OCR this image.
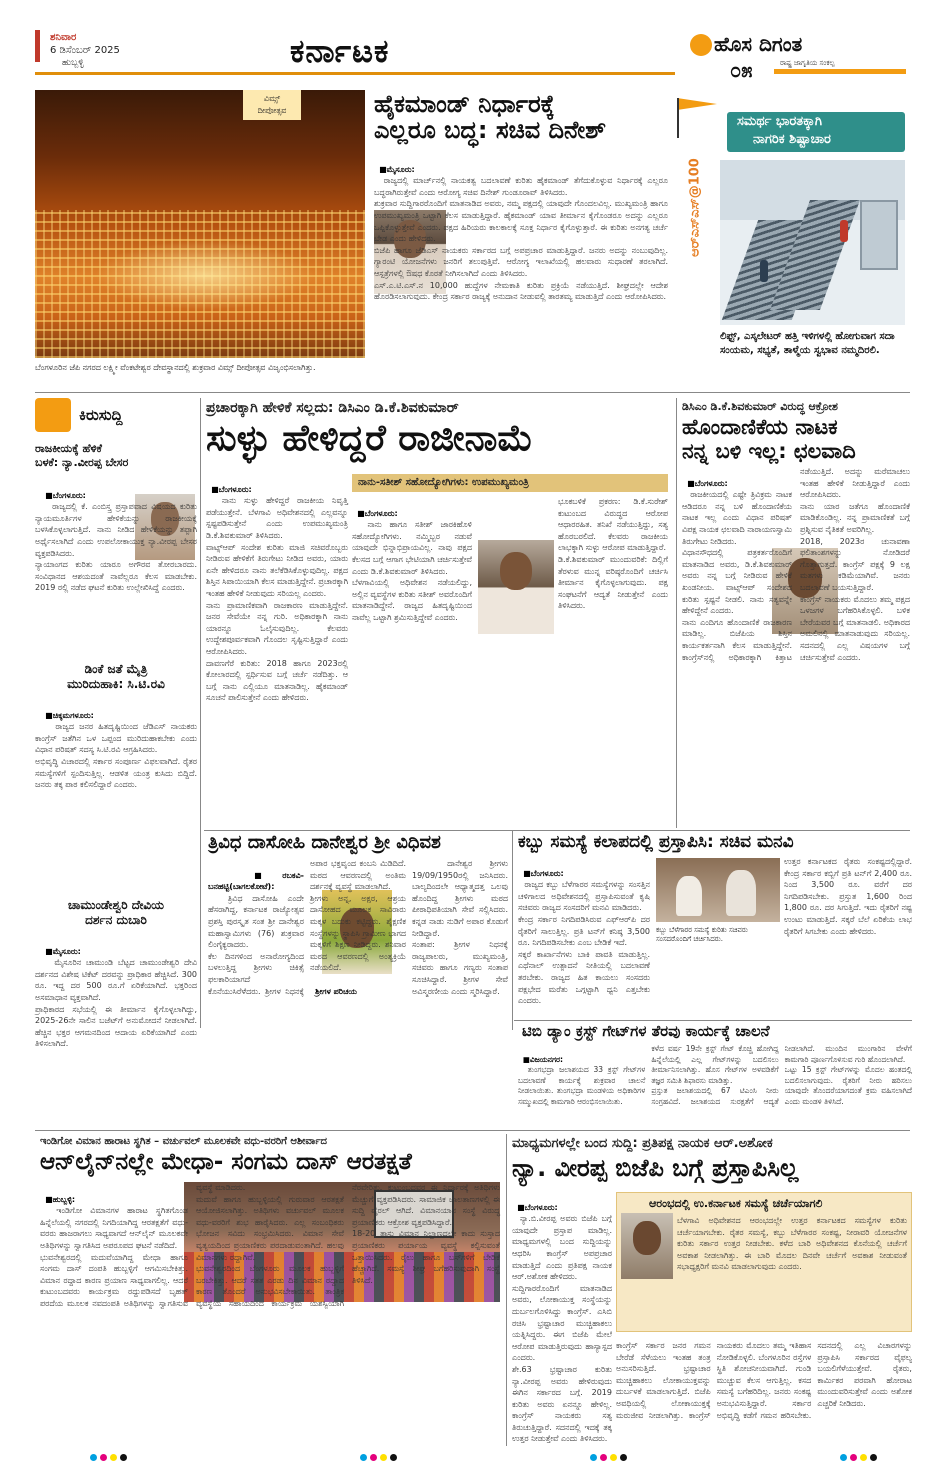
ಶನಿವಾರ
6 ಡಿಸೆಂಬರ್ 2025
ಹುಬ್ಬಳ್ಳಿ	ಕರ್ನಾಟಕ	ಹೊಸ ದಿಗಂತ
ರಾಷ್ಟ್ರ ಜಾಗೃತಿಯ ಸಂಕಲ್ಪ
೦೫
ವಿಮ್ಸ್
ದೀಪೋತ್ಸವ
ಬೆಂಗಳೂರಿನ ಜೆಪಿ ನಗರದ ಲಕ್ಷ್ಮೀ ವೆಂಕಟೇಶ್ವರ ದೇವಸ್ಥಾನದಲ್ಲಿ ಶುಕ್ರವಾರ ವಿಮ್ಸ್ ದೀಪೋತ್ಸವ ವಿಜೃಂಭಿಸಲಾಗಿತ್ತು.
ಹೈಕಮಾಂಡ್ ನಿರ್ಧಾರಕ್ಕೆ
ಎಲ್ಲರೂ ಬದ್ಧ: ಸಚಿವ ದಿನೇಶ್

■ಮೈಸೂರು:
ರಾಜ್ಯದಲ್ಲಿ ಮಾರ್ಚ್‌ನಲ್ಲಿ ನಾಯಕತ್ವ ಬದಲಾವಣೆ ಕುರಿತು ಹೈಕಮಾಂಡ್ ತೆಗೆದುಕೊಳ್ಳುವ ನಿರ್ಧಾರಕ್ಕೆ ಎಲ್ಲರೂ ಬದ್ಧರಾಗಿರುತ್ತೇವೆ ಎಂದು ಆರೋಗ್ಯ ಸಚಿವ ದಿನೇಶ್ ಗುಂಡೂರಾವ್ ತಿಳಿಸಿದರು.
ಶುಕ್ರವಾರ ಸುದ್ದಿಗಾರರೊಂದಿಗೆ ಮಾತನಾಡಿದ ಅವರು, ನಮ್ಮ ಪಕ್ಷದಲ್ಲಿ ಯಾವುದೇ ಗೊಂದಲವಿಲ್ಲ. ಮುಖ್ಯಮಂತ್ರಿ ಹಾಗೂ ಉಪಮುಖ್ಯಮಂತ್ರಿ ಒಟ್ಟಾಗಿ ಕೆಲಸ ಮಾಡುತ್ತಿದ್ದಾರೆ. ಹೈಕಮಾಂಡ್ ಯಾವ ತೀರ್ಮಾನ ಕೈಗೊಂಡರೂ ಅದನ್ನು ಎಲ್ಲರೂ ಒಪ್ಪಿಕೊಳ್ಳುತ್ತೇವೆ ಎಂದರು. ಪಕ್ಷದ ಹಿರಿಯರು ಕಾಲಕಾಲಕ್ಕೆ ಸೂಕ್ತ ನಿರ್ಧಾರ ಕೈಗೊಳ್ಳುತ್ತಾರೆ. ಈ ಕುರಿತು ಅನಗತ್ಯ ಚರ್ಚೆ ಬೇಡ ಎಂದು ಹೇಳಿದರು.
ಬಿಜೆಪಿ ಹಾಗೂ ಜೆಡಿಎಸ್ ನಾಯಕರು ಸರ್ಕಾರದ ಬಗ್ಗೆ ಅಪಪ್ರಚಾರ ಮಾಡುತ್ತಿದ್ದಾರೆ. ಜನರು ಅದನ್ನು ನಂಬುವುದಿಲ್ಲ. ಗ್ಯಾರಂಟಿ ಯೋಜನೆಗಳು ಜನರಿಗೆ ತಲುಪುತ್ತಿವೆ. ಆರೋಗ್ಯ ಇಲಾಖೆಯಲ್ಲಿ ಹಲವಾರು ಸುಧಾರಣೆ ತರಲಾಗಿದೆ. ಆಸ್ಪತ್ರೆಗಳಲ್ಲಿ ಔಷಧ ಕೊರತೆ ನೀಗಿಸಲಾಗಿದೆ ಎಂದು ತಿಳಿಸಿದರು.
ಎಸ್.ಎ.ಟಿ.ಎಸ್.ನ 10,000 ಹುದ್ದೆಗಳ ನೇಮಕಾತಿ ಕುರಿತು ಪ್ರಕ್ರಿಯೆ ನಡೆಯುತ್ತಿದೆ. ಶೀಘ್ರದಲ್ಲೇ ಆದೇಶ ಹೊರಡಿಸಲಾಗುವುದು. ಕೇಂದ್ರ ಸರ್ಕಾರ ರಾಜ್ಯಕ್ಕೆ ಅನುದಾನ ನೀಡುವಲ್ಲಿ ತಾರತಮ್ಯ ಮಾಡುತ್ತಿದೆ ಎಂದು ಆರೋಪಿಸಿದರು.

ಸಮರ್ಥ ಭಾರತಕ್ಕಾಗಿ
ನಾಗರಿಕ ಶಿಷ್ಟಾಚಾರ
ಆರ್‌ಎಸ್‌ಎಸ್@100
ಲಿಫ್ಟ್, ಎಸ್ಕಲೇಟರ್ ಹತ್ತಿ ಇಳಿಗಳಲ್ಲಿ ಹೋಗುವಾಗ ಸದಾ ಸಂಯಮ, ಸಭ್ಯತೆ, ತಾಳ್ಮೆಯ ಸ್ವಭಾವ ನಮ್ಮದಿರಲಿ.
ಕಿರುಸುದ್ದಿ
ರಾಜಕೀಯಕ್ಕೆ ಹೆಳಿಕೆ
ಬಳಕೆ: ನ್ಯಾ.ವೀರಪ್ಪ ಬೇಸರ

■ಬೆಂಗಳೂರು:
ರಾಜ್ಯದಲ್ಲಿ ಕೆ. ಎಂಬಿಸ್ತ್ರ ಪ್ರಸ್ತಾಪವಾದ ವಿಷಯದ ಕುರಿತು ನ್ಯಾಯಮೂರ್ತಿಗಳ ಹೇಳಿಕೆಯನ್ನು ರಾಜಕೀಯಕ್ಕೆ ಬಳಸಿಕೊಳ್ಳಲಾಗುತ್ತಿದೆ. ನಾನು ನೀಡಿದ ಹೇಳಿಕೆಯನ್ನು ತಪ್ಪಾಗಿ ಅರ್ಥೈಸಲಾಗಿದೆ ಎಂದು ಉಪಲೋಕಾಯುಕ್ತ ನ್ಯಾ.ವೀರಪ್ಪ ಬೇಸರ ವ್ಯಕ್ತಪಡಿಸಿದರು.
ನ್ಯಾಯಾಂಗದ ಕುರಿತು ಯಾರೂ ಅಗೌರವ ತೋರಬಾರದು. ಸಂವಿಧಾನದ ಆಶಯದಂತೆ ನಾವೆಲ್ಲರೂ ಕೆಲಸ ಮಾಡಬೇಕು. 2019 ರಲ್ಲಿ ನಡೆದ ಘಟನೆ ಕುರಿತು ಉಲ್ಲೇಖಿಸಿದ್ದೆ ಎಂದರು.

ಡಿಂಕೆ ಜತೆ ಮೈತ್ರಿ
ಮುರಿದುಹಾಕಿ: ಸಿ.ಟಿ.ರವಿ

■ಚಿಕ್ಕಮಗಳೂರು:
ರಾಜ್ಯದ ಜನರ ಹಿತದೃಷ್ಟಿಯಿಂದ ಜೆಡಿಎಸ್ ನಾಯಕರು ಕಾಂಗ್ರೆಸ್ ಜತೆಗಿನ ಒಳ ಒಪ್ಪಂದ ಮುರಿದುಹಾಕಬೇಕು ಎಂದು ವಿಧಾನ ಪರಿಷತ್ ಸದಸ್ಯ ಸಿ.ಟಿ.ರವಿ ಆಗ್ರಹಿಸಿದರು.
ಅಭಿವೃದ್ಧಿ ವಿಚಾರದಲ್ಲಿ ಸರ್ಕಾರ ಸಂಪೂರ್ಣ ವಿಫಲವಾಗಿದೆ. ರೈತರ ಸಮಸ್ಯೆಗಳಿಗೆ ಸ್ಪಂದಿಸುತ್ತಿಲ್ಲ. ಆಡಳಿತ ಯಂತ್ರ ಕುಸಿದು ಬಿದ್ದಿದೆ. ಜನರು ತಕ್ಕ ಪಾಠ ಕಲಿಸಲಿದ್ದಾರೆ ಎಂದರು.

ಚಾಮುಂಡೇಶ್ವರಿ ದೇವಿಯ
ದರ್ಶನ ದುಬಾರಿ

■ಮೈಸೂರು:
ಮೈಸೂರಿನ ಚಾಮುಂಡಿ ಬೆಟ್ಟದ ಚಾಮುಂಡೇಶ್ವರಿ ದೇವಿ ದರ್ಶನದ ವಿಶೇಷ ಟಿಕೆಟ್ ದರವನ್ನು ಪ್ರಾಧಿಕಾರ ಹೆಚ್ಚಿಸಿದೆ. 300 ರೂ. ಇದ್ದ ದರ 500 ರೂ.ಗೆ ಏರಿಕೆಯಾಗಿದೆ. ಭಕ್ತರಿಂದ ಅಸಮಾಧಾನ ವ್ಯಕ್ತವಾಗಿದೆ.
ಪ್ರಾಧಿಕಾರದ ಸಭೆಯಲ್ಲಿ ಈ ತೀರ್ಮಾನ ಕೈಗೊಳ್ಳಲಾಗಿದ್ದು, 2025-26ನೇ ಸಾಲಿನ ಬಜೆಟ್‌ಗೆ ಅನುಮೋದನೆ ನೀಡಲಾಗಿದೆ. ಹೆಚ್ಚಿನ ಭಕ್ತರ ಆಗಮನದಿಂದ ಆದಾಯ ಏರಿಕೆಯಾಗಿದೆ ಎಂದು ತಿಳಿಸಲಾಗಿದೆ.

ಪ್ರಚಾರಕ್ಕಾಗಿ ಹೇಳಿಕೆ ಸಲ್ಲದು: ಡಿಸಿಎಂ ಡಿ.ಕೆ.ಶಿವಕುಮಾರ್
ಸುಳ್ಳು ಹೇಳಿದ್ದರೆ ರಾಜೀನಾಮೆ

■ಬೆಂಗಳೂರು:
ನಾನು ಸುಳ್ಳು ಹೇಳಿದ್ದರೆ ರಾಜಕೀಯ ನಿವೃತ್ತಿ ಪಡೆಯುತ್ತೇನೆ. ಬೆಳಗಾವಿ ಅಧಿವೇಶನದಲ್ಲಿ ಎಲ್ಲವನ್ನೂ ಸ್ಪಷ್ಟಪಡಿಸುತ್ತೇನೆ ಎಂದು ಉಪಮುಖ್ಯಮಂತ್ರಿ ಡಿ.ಕೆ.ಶಿವಕುಮಾರ್ ತಿಳಿಸಿದರು.
ವಾಟ್ಸ್‌ಆಪ್ ಸಂದೇಶ ಕುರಿತು ಮಾಜಿ ಸಚಿವರೊಬ್ಬರು ನೀಡಿರುವ ಹೇಳಿಕೆಗೆ ತಿರುಗೇಟು ನೀಡಿದ ಅವರು, ಯಾರು ಏನೇ ಹೇಳಿದರೂ ನಾನು ತಲೆಕೆಡಿಸಿಕೊಳ್ಳುವುದಿಲ್ಲ. ಪಕ್ಷದ ಶಿಸ್ತಿನ ಸಿಪಾಯಿಯಾಗಿ ಕೆಲಸ ಮಾಡುತ್ತಿದ್ದೇನೆ. ಪ್ರಚಾರಕ್ಕಾಗಿ ಇಂತಹ ಹೇಳಿಕೆ ನೀಡುವುದು ಸರಿಯಲ್ಲ ಎಂದರು.
ನಾನು ಪ್ರಾಮಾಣಿಕವಾಗಿ ರಾಜಕಾರಣ ಮಾಡುತ್ತಿದ್ದೇನೆ. ಜನರ ಸೇವೆಯೇ ನನ್ನ ಗುರಿ. ಅಧಿಕಾರಕ್ಕಾಗಿ ನಾನು ಯಾರನ್ನೂ ಓಲೈಸುವುದಿಲ್ಲ. ಕೆಲವರು ಉದ್ದೇಶಪೂರ್ವಕವಾಗಿ ಗೊಂದಲ ಸೃಷ್ಟಿಸುತ್ತಿದ್ದಾರೆ ಎಂದು ಆರೋಪಿಸಿದರು.
ದಾವಣಗೆರೆ ಕುರಿತು: 2018 ಹಾಗೂ 2023ರಲ್ಲಿ ಕೋಲಾರದಲ್ಲಿ ಸ್ಪರ್ಧಿಸುವ ಬಗ್ಗೆ ಚರ್ಚೆ ನಡೆದಿತ್ತು. ಆ ಬಗ್ಗೆ ನಾನು ಎಲ್ಲಿಯೂ ಮಾತನಾಡಿಲ್ಲ. ಹೈಕಮಾಂಡ್ ಸೂಚನೆ ಪಾಲಿಸುತ್ತೇನೆ ಎಂದು ಹೇಳಿದರು.

ನಾನು-ಸತೀಶ್ ಸಹೋದ್ಯೋಗಿಗಳು: ಉಪಮುಖ್ಯಮಂತ್ರಿ

■ಬೆಂಗಳೂರು:
ನಾನು ಹಾಗೂ ಸತೀಶ್ ಜಾರಕಿಹೊಳಿ ಸಹೋದ್ಯೋಗಿಗಳು. ನಮ್ಮಿಬ್ಬರ ನಡುವೆ ಯಾವುದೇ ಭಿನ್ನಾಭಿಪ್ರಾಯವಿಲ್ಲ. ನಾವು ಪಕ್ಷದ ಕೆಲಸದ ಬಗ್ಗೆ ಆಗಾಗ ಭೇಟಿಯಾಗಿ ಚರ್ಚಿಸುತ್ತೇವೆ ಎಂದು ಡಿ.ಕೆ.ಶಿವಕುಮಾರ್ ತಿಳಿಸಿದರು.
ಬೆಳಗಾವಿಯಲ್ಲಿ ಅಧಿವೇಶನ ನಡೆಯಲಿದ್ದು, ಅಲ್ಲಿನ ವ್ಯವಸ್ಥೆಗಳ ಕುರಿತು ಸತೀಶ್ ಅವರೊಂದಿಗೆ ಮಾತನಾಡಿದ್ದೇನೆ. ರಾಜ್ಯದ ಹಿತದೃಷ್ಟಿಯಿಂದ ನಾವೆಲ್ಲ ಒಟ್ಟಾಗಿ ಶ್ರಮಿಸುತ್ತಿದ್ದೇವೆ ಎಂದರು.

ಭೂಕಬಳಿಕೆ ಪ್ರಕರಣ: ಡಿ.ಕೆ.ಸುರೇಶ್ ಕುಟುಂಬದ ವಿರುದ್ಧದ ಆರೋಪ ಆಧಾರರಹಿತ. ತನಿಖೆ ನಡೆಯುತ್ತಿದ್ದು, ಸತ್ಯ ಹೊರಬರಲಿದೆ. ಕೆಲವರು ರಾಜಕೀಯ ಲಾಭಕ್ಕಾಗಿ ಸುಳ್ಳು ಆರೋಪ ಮಾಡುತ್ತಿದ್ದಾರೆ.
ಡಿ.ಕೆ.ಶಿವಕುಮಾರ್ ಮುಂದುವರಿಕೆ: ದಿಲ್ಲಿಗೆ ತೆರಳುವ ಮುನ್ನ ವರಿಷ್ಠರೊಂದಿಗೆ ಚರ್ಚಿಸಿ ತೀರ್ಮಾನ ಕೈಗೊಳ್ಳಲಾಗುವುದು. ಪಕ್ಷ ಸಂಘಟನೆಗೆ ಆದ್ಯತೆ ನೀಡುತ್ತೇನೆ ಎಂದು ತಿಳಿಸಿದರು.
ಡಿಸಿಎಂ ಡಿ.ಕೆ.ಶಿವಕುಮಾರ್ ವಿರುದ್ಧ ಆಕ್ರೋಶ
ಹೊಂದಾಣಿಕೆಯ ನಾಟಕ
ನನ್ನ ಬಳಿ ಇಲ್ಲ: ಛಲವಾದಿ

■ಬೆಂಗಳೂರು:
ರಾಜಕೀಯದಲ್ಲಿ ಎಷ್ಟೇ ತ್ರಿವಿಕ್ರಮ ನಾಟಕ ಆಡಿದರೂ ನನ್ನ ಬಳಿ ಹೊಂದಾಣಿಕೆಯ ನಾಟಕ ಇಲ್ಲ ಎಂದು ವಿಧಾನ ಪರಿಷತ್ ವಿಪಕ್ಷ ನಾಯಕ ಛಲವಾದಿ ನಾರಾಯಣಸ್ವಾಮಿ ತಿರುಗೇಟು ನೀಡಿದರು.
ವಿಧಾನಸೌಧದಲ್ಲಿ ಪತ್ರಕರ್ತರೊಂದಿಗೆ ಮಾತನಾಡಿದ ಅವರು, ಡಿ.ಕೆ.ಶಿವಕುಮಾರ್ ಅವರು ನನ್ನ ಬಗ್ಗೆ ನೀಡಿರುವ ಹೇಳಿಕೆ ಖಂಡನೀಯ. ವಾಟ್ಸ್‌ಆಪ್ ಸಂದೇಶದ ಕುರಿತು ಸ್ಪಷ್ಟನೆ ನೀಡಲಿ. ನಾನು ಸತ್ಯವನ್ನೇ ಹೇಳಿದ್ದೇನೆ ಎಂದರು.
ನಾನು ಎಂದಿಗೂ ಹೊಂದಾಣಿಕೆ ರಾಜಕಾರಣ ಮಾಡಿಲ್ಲ. ಬಿಜೆಪಿಯ ಶಿಸ್ತಿನ ಕಾರ್ಯಕರ್ತನಾಗಿ ಕೆಲಸ ಮಾಡುತ್ತಿದ್ದೇನೆ. ಕಾಂಗ್ರೆಸ್‌ನಲ್ಲಿ ಅಧಿಕಾರಕ್ಕಾಗಿ ಕಿತ್ತಾಟ ನಡೆಯುತ್ತಿದೆ. ಅದನ್ನು ಮರೆಮಾಚಲು ಇಂತಹ ಹೇಳಿಕೆ ನೀಡುತ್ತಿದ್ದಾರೆ ಎಂದು ಆರೋಪಿಸಿದರು.
ನಾನು ಯಾರ ಜತೆಗೂ ಹೊಂದಾಣಿಕೆ ಮಾಡಿಕೊಂಡಿಲ್ಲ. ನನ್ನ ಪ್ರಾಮಾಣಿಕತೆ ಬಗ್ಗೆ ಪ್ರಶ್ನಿಸುವ ನೈತಿಕತೆ ಅವರಿಗಿಲ್ಲ.
2018, 2023ರ ಚುನಾವಣಾ ಫಲಿತಾಂಶಗಳನ್ನು ನೋಡಿದರೆ ಗೊತ್ತಾಗುತ್ತದೆ. ಕಾಂಗ್ರೆಸ್ ಪಕ್ಷಕ್ಕೆ 9 ಲಕ್ಷ ಮತಗಳು ಕಡಿಮೆಯಾಗಿವೆ. ಜನರು ಬದಲಾವಣೆ ಬಯಸುತ್ತಿದ್ದಾರೆ.
ಕಾಂಗ್ರೆಸ್ ನಾಯಕರು ಮೊದಲು ತಮ್ಮ ಪಕ್ಷದ ಒಳಜಗಳ ಬಗೆಹರಿಸಿಕೊಳ್ಳಲಿ. ಬಳಿಕ ಬೇರೆಯವರ ಬಗ್ಗೆ ಮಾತನಾಡಲಿ. ಅಧಿಕಾರದ ಅಮಲಿನಲ್ಲಿ ಮಾತನಾಡುವುದು ಸರಿಯಲ್ಲ. ಸದನದಲ್ಲಿ ಎಲ್ಲ ವಿಷಯಗಳ ಬಗ್ಗೆ ಚರ್ಚಿಸುತ್ತೇವೆ ಎಂದರು.

ತ್ರಿವಿಧ ದಾಸೋಹಿ ದಾನೇಶ್ವರ ಶ್ರೀ ವಿಧಿವಶ

■ರಬಕವಿ-ಬನಹಟ್ಟಿ(ಬಾಗಲಕೋಟೆ):
ತ್ರಿವಿಧ ದಾಸೋಹಿ ಎಂದೇ ಹೆಸರಾಗಿದ್ದ, ಕರ್ನಾಟಕ ರಾಜ್ಯೋತ್ಸವ ಪ್ರಶಸ್ತಿ ಪುರಸ್ಕೃತ ಸಂತ ಶ್ರೀ ದಾನೇಶ್ವರ ಮಹಾಸ್ವಾಮಿಗಳು (76) ಶುಕ್ರವಾರ ಲಿಂಗೈಕ್ಯರಾದರು.
ಕೆಲ ದಿನಗಳಿಂದ ಅನಾರೋಗ್ಯದಿಂದ ಬಳಲುತ್ತಿದ್ದ ಶ್ರೀಗಳು ಚಿಕಿತ್ಸೆ ಫಲಕಾರಿಯಾಗದೆ ಕೊನೆಯುಸಿರೆಳೆದರು. ಶ್ರೀಗಳ ನಿಧನಕ್ಕೆ ಅಪಾರ ಭಕ್ತವೃಂದ ಕಂಬನಿ ಮಿಡಿದಿದೆ. ಮಠದ ಆವರಣದಲ್ಲಿ ಅಂತಿಮ ದರ್ಶನಕ್ಕೆ ವ್ಯವಸ್ಥೆ ಮಾಡಲಾಗಿದೆ.
ಶ್ರೀಗಳು ಅನ್ನ, ಅಕ್ಷರ, ಆಶ್ರಯ ದಾಸೋಹದ ಮೂಲಕ ಸಾವಿರಾರು ಮಕ್ಕಳ ಬದುಕು ಕಟ್ಟಿದ್ದರು. ಶೈಕ್ಷಣಿಕ ಸಂಸ್ಥೆಗಳನ್ನು ಸ್ಥಾಪಿಸಿ ಗ್ರಾಮೀಣ ಭಾಗದ ಮಕ್ಕಳಿಗೆ ಶಿಕ್ಷಣ ನೀಡಿದ್ದರು. ಶನಿವಾರ ಮಠದ ಆವರಣದಲ್ಲಿ ಅಂತ್ಯಕ್ರಿಯೆ ನಡೆಯಲಿದೆ.

ಶ್ರೀಗಳ ಪರಿಚಯ
ದಾನೇಶ್ವರ ಶ್ರೀಗಳು 19/09/1950ರಲ್ಲಿ ಜನಿಸಿದರು. ಬಾಲ್ಯದಿಂದಲೇ ಆಧ್ಯಾತ್ಮದತ್ತ ಒಲವು ಹೊಂದಿದ್ದ ಶ್ರೀಗಳು ಮಠದ ಪೀಠಾಧಿಪತಿಯಾಗಿ ಸೇವೆ ಸಲ್ಲಿಸಿದರು. ಕನ್ನಡ ನಾಡು ನುಡಿಗೆ ಅಪಾರ ಕೊಡುಗೆ ನೀಡಿದ್ದಾರೆ.
ಸಂತಾಪ: ಶ್ರೀಗಳ ನಿಧನಕ್ಕೆ ರಾಜ್ಯಪಾಲರು, ಮುಖ್ಯಮಂತ್ರಿ, ಸಚಿವರು ಹಾಗೂ ಗಣ್ಯರು ಸಂತಾಪ ಸೂಚಿಸಿದ್ದಾರೆ. ಶ್ರೀಗಳ ಸೇವೆ ಅವಿಸ್ಮರಣೀಯ ಎಂದು ಸ್ಮರಿಸಿದ್ದಾರೆ.

ಕಬ್ಬು ಸಮಸ್ಯೆ ಕಲಾಪದಲ್ಲಿ ಪ್ರಸ್ತಾಪಿಸಿ: ಸಚಿವ ಮನವಿ

■ಬೆಂಗಳೂರು:
ರಾಜ್ಯದ ಕಬ್ಬು ಬೆಳೆಗಾರರ ಸಮಸ್ಯೆಗಳನ್ನು ಸಂಸತ್ತಿನ ಚಳಿಗಾಲದ ಅಧಿವೇಶನದಲ್ಲಿ ಪ್ರಸ್ತಾಪಿಸುವಂತೆ ಕೃಷಿ ಸಚಿವರು ರಾಜ್ಯದ ಸಂಸದರಿಗೆ ಮನವಿ ಮಾಡಿದರು.
ಕೇಂದ್ರ ಸರ್ಕಾರ ನಿಗದಿಪಡಿಸಿರುವ ಎಫ್‌ಆರ್‌ಪಿ ದರ ರೈತರಿಗೆ ಸಾಲುತ್ತಿಲ್ಲ. ಪ್ರತಿ ಟನ್‌ಗೆ ಕನಿಷ್ಠ 3,500 ರೂ. ನಿಗದಿಪಡಿಸಬೇಕು ಎಂಬ ಬೇಡಿಕೆ ಇದೆ.
ಸಕ್ಕರೆ ಕಾರ್ಖಾನೆಗಳು ಬಾಕಿ ಪಾವತಿ ಮಾಡುತ್ತಿಲ್ಲ. ಎಥೆನಾಲ್ ಉತ್ಪಾದನೆ ನೀತಿಯಲ್ಲಿ ಬದಲಾವಣೆ ತರಬೇಕು. ರಾಜ್ಯದ ಹಿತ ಕಾಯಲು ಸಂಸದರು ಪಕ್ಷಭೇದ ಮರೆತು ಒಗ್ಗಟ್ಟಾಗಿ ಧ್ವನಿ ಎತ್ತಬೇಕು ಎಂದರು.

ಕಬ್ಬು ಬೆಳೆಗಾರರ ಸಮಸ್ಯೆ ಕುರಿತು ಸಚಿವರು ಸಂಸದರೊಂದಿಗೆ ಚರ್ಚಿಸಿದರು.
ಉತ್ತರ ಕರ್ನಾಟಕದ ರೈತರು ಸಂಕಷ್ಟದಲ್ಲಿದ್ದಾರೆ. ಕೇಂದ್ರ ಸರ್ಕಾರ ಕಬ್ಬಿಗೆ ಪ್ರತಿ ಟನ್‌ಗೆ 2,400 ರೂ. ನಿಂದ 3,500 ರೂ. ವರೆಗೆ ದರ ನಿಗದಿಪಡಿಸಬೇಕು. ಪ್ರಸ್ತುತ 1,600 ರಿಂದ 1,800 ರೂ. ದರ ಸಿಗುತ್ತಿದೆ. ಇದು ರೈತರಿಗೆ ನಷ್ಟ ಉಂಟು ಮಾಡುತ್ತಿದೆ. ಸಕ್ಕರೆ ಬೆಲೆ ಏರಿಕೆಯ ಲಾಭ ರೈತರಿಗೆ ಸಿಗಬೇಕು ಎಂದು ಹೇಳಿದರು.
ಟಿಬಿ ಡ್ಯಾಂ ಕ್ರಸ್ಟ್ ಗೇಟ್‌ಗಳ ತೆರವು ಕಾರ್ಯಕ್ಕೆ ಚಾಲನೆ

■ವಿಜಯನಗರ:
ತುಂಗಭದ್ರಾ ಜಲಾಶಯದ 33 ಕ್ರಸ್ಟ್ ಗೇಟ್‌ಗಳ ಬದಲಾವಣೆ ಕಾರ್ಯಕ್ಕೆ ಶುಕ್ರವಾರ ಚಾಲನೆ ನೀಡಲಾಯಿತು. ತುಂಗಭದ್ರಾ ಮಂಡಳಿಯ ಅಧಿಕಾರಿಗಳ ಸಮ್ಮುಖದಲ್ಲಿ ಕಾಮಗಾರಿ ಆರಂಭಿಸಲಾಯಿತು.
ಕಳೆದ ವರ್ಷ 19ನೇ ಕ್ರಸ್ಟ್ ಗೇಟ್ ಕೊಚ್ಚಿ ಹೋಗಿದ್ದ ಹಿನ್ನೆಲೆಯಲ್ಲಿ ಎಲ್ಲ ಗೇಟ್‌ಗಳನ್ನು ಬದಲಿಸಲು ತೀರ್ಮಾನಿಸಲಾಗಿತ್ತು. ಹೊಸ ಗೇಟ್‌ಗಳ ಅಳವಡಿಕೆಗೆ ತಜ್ಞರ ಸಮಿತಿ ಶಿಫಾರಸು ಮಾಡಿತ್ತು.
ಪ್ರಸ್ತುತ ಜಲಾಶಯದಲ್ಲಿ 67 ಟಿಎಂಸಿ ನೀರು ಸಂಗ್ರಹವಿದೆ. ಜಲಾಶಯದ ಸುರಕ್ಷತೆಗೆ ಆದ್ಯತೆ ನೀಡಲಾಗಿದೆ. ಮುಂದಿನ ಮುಂಗಾರಿನ ವೇಳೆಗೆ ಕಾಮಗಾರಿ ಪೂರ್ಣಗೊಳಿಸುವ ಗುರಿ ಹೊಂದಲಾಗಿದೆ.
ಒಟ್ಟು 15 ಕ್ರಸ್ಟ್ ಗೇಟ್‌ಗಳನ್ನು ಮೊದಲ ಹಂತದಲ್ಲಿ ಬದಲಿಸಲಾಗುವುದು. ರೈತರಿಗೆ ನೀರು ಹರಿಸಲು ಯಾವುದೇ ತೊಂದರೆಯಾಗದಂತೆ ಕ್ರಮ ವಹಿಸಲಾಗಿದೆ ಎಂದು ಮಂಡಳಿ ತಿಳಿಸಿದೆ.

ಇಂಡಿಗೋ ವಿಮಾನ ಹಾರಾಟ ಸ್ಥಗಿತ – ವರ್ಚುವಲ್ ಮೂಲಕವೇ ವಧು-ವರರಿಗೆ ಆಶೀರ್ವಾದ
ಆನ್‌ಲೈನ್‌ನಲ್ಲೇ ಮೇಧಾ- ಸಂಗಮ ದಾಸ್ ಆರತಕ್ಷತೆ

■ಹುಬ್ಬಳ್ಳಿ:
ಇಂಡಿಗೋ ವಿಮಾನಗಳ ಹಾರಾಟ ಸ್ಥಗಿತಗೊಂಡ ಹಿನ್ನೆಲೆಯಲ್ಲಿ ನಗರದಲ್ಲಿ ನಿಗದಿಯಾಗಿದ್ದ ಆರತಕ್ಷತೆಗೆ ವಧು-ವರರು ಹಾಜರಾಗಲು ಸಾಧ್ಯವಾಗದೆ ಆನ್‌ಲೈನ್ ಮೂಲಕವೇ ಅತಿಥಿಗಳನ್ನು ಸ್ವಾಗತಿಸಿದ ಅಪರೂಪದ ಘಟನೆ ನಡೆದಿದೆ.
ಭುವನೇಶ್ವರದಲ್ಲಿ ಮದುವೆಯಾಗಿದ್ದ ಮೇಧಾ ಹಾಗೂ ಸಂಗಮ ದಾಸ್ ದಂಪತಿ ಹುಬ್ಬಳ್ಳಿಗೆ ಆಗಮಿಸಬೇಕಿತ್ತು. ವಿಮಾನ ರದ್ದಾದ ಕಾರಣ ಪ್ರಯಾಣ ಸಾಧ್ಯವಾಗಲಿಲ್ಲ. ಆದರೆ ಕುಟುಂಬದವರು ಕಾರ್ಯಕ್ರಮ ರದ್ದುಪಡಿಸದೆ ಬೃಹತ್ ಪರದೆಯ ಮೂಲಕ ನವದಂಪತಿ ಅತಿಥಿಗಳನ್ನು ಸ್ವಾಗತಿಸುವ ವ್ಯವಸ್ಥೆ ಮಾಡಿದರು.
ಮದುವೆ ಹಾಗೂ ಹುಬ್ಬಳ್ಳಿಯಲ್ಲಿ ಗುರುವಾರ ಆರತಕ್ಷತೆ ಆಯೋಜಿಸಲಾಗಿತ್ತು. ಅತಿಥಿಗಳು ವರ್ಚುವಲ್ ಮೂಲಕ ವಧು-ವರರಿಗೆ ಶುಭ ಹಾರೈಸಿದರು. ಎಲ್ಲ ಸಂಬಂಧಿಕರು ಭೋಜನ ಸವಿದು ಸಂಭ್ರಮಿಸಿದರು. ವಿಮಾನ ಸೇವೆ ವ್ಯತ್ಯಯದಿಂದ ಪ್ರಯಾಣಿಕರು ಪರದಾಡುವಂತಾಗಿದೆ. ಹಲವು ವಿಮಾನಗಳು ರದ್ದಾಗಿವೆ.
ಭುವನೇಶ್ವರದಿಂದ ಬೆಂಗಳೂರು ಮೂಲಕ ಹುಬ್ಬಳ್ಳಿಗೆ ಬರಬೇಕಿತ್ತು. ಆದರೆ ಸತತ ಎರಡು ದಿನ ವಿಮಾನ ರದ್ದಾದ ಕಾರಣ ತೊಂದರೆ ಅನುಭವಿಸಬೇಕಾಯಿತು. ತಾಂತ್ರಿಕ ವ್ಯವಸ್ಥೆಯ ಸಹಾಯದಿಂದ ಕಾರ್ಯಕ್ರಮ ಯಶಸ್ವಿಯಾಗಿ ನೆರವೇರಿತು. ಕುಟುಂಬದವರ ಈ ನಿರ್ಧಾರಕ್ಕೆ ಅತಿಥಿಗಳು ಮೆಚ್ಚುಗೆ ವ್ಯಕ್ತಪಡಿಸಿದರು. ಸಾಮಾಜಿಕ ಜಾಲತಾಣಗಳಲ್ಲಿ ಈ ಸುದ್ದಿ ವೈರಲ್ ಆಗಿದೆ. ವಿಮಾನಯಾನ ಸಂಸ್ಥೆ ವಿರುದ್ಧ ಪ್ರಯಾಣಿಕರು ಆಕ್ರೋಶ ವ್ಯಕ್ತಪಡಿಸಿದ್ದಾರೆ.
18-20 ತಾಸು ವಿಮಾನ ನಿಲ್ದಾಣದಲ್ಲೇ ಕಾದು ಸುಸ್ತಾದ ಪ್ರಯಾಣಿಕರು ಪರ್ಯಾಯ ವ್ಯವಸ್ಥೆ ಕಲ್ಪಿಸುವಂತೆ ಒತ್ತಾಯಿಸಿದರು. ರೈಲು ಹಾಗೂ ಬಸ್‌ಗಳಿಗೆ ಬೇಡಿಕೆ ಹೆಚ್ಚಾಗಿದೆ. ಸಮಸ್ಯೆ ಶೀಘ್ರ ಬಗೆಹರಿಸುವುದಾಗಿ ಸಂಸ್ಥೆ ತಿಳಿಸಿದೆ.

ಮಾಧ್ಯಮಗಳಲ್ಲೇ ಬಂದ ಸುದ್ದಿ: ಪ್ರತಿಪಕ್ಷ ನಾಯಕ ಆರ್.ಅಶೋಕ
ನ್ಯಾ. ವೀರಪ್ಪ ಬಿಜೆಪಿ ಬಗ್ಗೆ ಪ್ರಸ್ತಾಪಿಸಿಲ್ಲ

■ಬೆಂಗಳೂರು:
ನ್ಯಾ.ಬಿ.ವೀರಪ್ಪ ಅವರು ಬಿಜೆಪಿ ಬಗ್ಗೆ ಯಾವುದೇ ಪ್ರಸ್ತಾಪ ಮಾಡಿಲ್ಲ. ಮಾಧ್ಯಮಗಳಲ್ಲಿ ಬಂದ ಸುದ್ದಿಯನ್ನು ಆಧರಿಸಿ ಕಾಂಗ್ರೆಸ್ ಅಪಪ್ರಚಾರ ಮಾಡುತ್ತಿದೆ ಎಂದು ಪ್ರತಿಪಕ್ಷ ನಾಯಕ ಆರ್.ಅಶೋಕ ಹೇಳಿದರು.
ಸುದ್ದಿಗಾರರೊಂದಿಗೆ ಮಾತನಾಡಿದ ಅವರು, ಲೋಕಾಯುಕ್ತ ಸಂಸ್ಥೆಯನ್ನು ದುರ್ಬಲಗೊಳಿಸಿದ್ದು ಕಾಂಗ್ರೆಸ್. ಎಸಿಬಿ ರಚಿಸಿ ಭ್ರಷ್ಟಾಚಾರ ಮುಚ್ಚಿಹಾಕಲು ಯತ್ನಿಸಿದ್ದರು. ಈಗ ಬಿಜೆಪಿ ಮೇಲೆ ಆರೋಪ ಮಾಡುತ್ತಿರುವುದು ಹಾಸ್ಯಾಸ್ಪದ ಎಂದರು.
ಶೇ.63 ಭ್ರಷ್ಟಾಚಾರ ಕುರಿತು ನ್ಯಾ.ವೀರಪ್ಪ ಅವರು ಹೇಳಿರುವುದು ಈಗಿನ ಸರ್ಕಾರದ ಬಗ್ಗೆ. 2019 ಕುರಿತು ಅವರು ಏನನ್ನೂ ಹೇಳಿಲ್ಲ. ಕಾಂಗ್ರೆಸ್ ನಾಯಕರು ಸತ್ಯ ತಿರುಚುತ್ತಿದ್ದಾರೆ. ಸದನದಲ್ಲಿ ಇದಕ್ಕೆ ತಕ್ಕ ಉತ್ತರ ನೀಡುತ್ತೇವೆ ಎಂದು ತಿಳಿಸಿದರು.

ಆರಂಭದಲ್ಲಿ ಉ.ಕರ್ನಾಟಕ ಸಮಸ್ಯೆ ಚರ್ಚೆಯಾಗಲಿ
ಬೆಳಗಾವಿ ಅಧಿವೇಶನದ ಆರಂಭದಲ್ಲೇ ಉತ್ತರ ಕರ್ನಾಟಕದ ಸಮಸ್ಯೆಗಳ ಕುರಿತು ಚರ್ಚೆಯಾಗಬೇಕು. ರೈತರ ಸಮಸ್ಯೆ, ಕಬ್ಬು ಬೆಳೆಗಾರರ ಸಂಕಷ್ಟ, ನೀರಾವರಿ ಯೋಜನೆಗಳ ಕುರಿತು ಸರ್ಕಾರ ಉತ್ತರ ನೀಡಬೇಕು. ಕಳೆದ ಬಾರಿ ಅಧಿವೇಶನದ ಕೊನೆಯಲ್ಲಿ ಚರ್ಚೆಗೆ ಅವಕಾಶ ನೀಡಲಾಗಿತ್ತು. ಈ ಬಾರಿ ಮೊದಲ ದಿನವೇ ಚರ್ಚೆಗೆ ಅವಕಾಶ ನೀಡುವಂತೆ ಸಭಾಧ್ಯಕ್ಷರಿಗೆ ಮನವಿ ಮಾಡಲಾಗುವುದು ಎಂದರು.
ಕಾಂಗ್ರೆಸ್ ಸರ್ಕಾರ ಜನರ ಗಮನ ಬೇರೆಡೆ ಸೆಳೆಯಲು ಇಂತಹ ತಂತ್ರ ಅನುಸರಿಸುತ್ತಿದೆ. ಭ್ರಷ್ಟಾಚಾರ ಮುಚ್ಚಿಹಾಕಲು ಲೋಕಾಯುಕ್ತವನ್ನು ದುರ್ಬಳಕೆ ಮಾಡಲಾಗುತ್ತಿದೆ. ಬಿಜೆಪಿ ಅವಧಿಯಲ್ಲಿ ಲೋಕಾಯುಕ್ತಕ್ಕೆ ಮರುಜೀವ ನೀಡಲಾಗಿತ್ತು. ಕಾಂಗ್ರೆಸ್ ನಾಯಕರು ಮೊದಲು ತಮ್ಮ ಇತಿಹಾಸ ನೋಡಿಕೊಳ್ಳಲಿ. ಬೆಂಗಳೂರಿನ ರಸ್ತೆಗಳ ಸ್ಥಿತಿ ಶೋಚನೀಯವಾಗಿದೆ. ಗುಂಡಿ ಮುಚ್ಚುವ ಕೆಲಸ ಆಗುತ್ತಿಲ್ಲ. ಕಸದ ಸಮಸ್ಯೆ ಬಗೆಹರಿದಿಲ್ಲ. ಜನರು ಸಂಕಷ್ಟ ಅನುಭವಿಸುತ್ತಿದ್ದಾರೆ. ಸರ್ಕಾರ ಅಭಿವೃದ್ಧಿ ಕಡೆಗೆ ಗಮನ ಹರಿಸಬೇಕು. ಸದನದಲ್ಲಿ ಎಲ್ಲ ವಿಚಾರಗಳನ್ನು ಪ್ರಸ್ತಾಪಿಸಿ ಸರ್ಕಾರದ ವೈಫಲ್ಯ ಬಯಲಿಗೆಳೆಯುತ್ತೇವೆ. ರೈತರು, ಕಾರ್ಮಿಕರ ಪರವಾಗಿ ಹೋರಾಟ ಮುಂದುವರಿಸುತ್ತೇವೆ ಎಂದು ಅಶೋಕ ಎಚ್ಚರಿಕೆ ನೀಡಿದರು.
